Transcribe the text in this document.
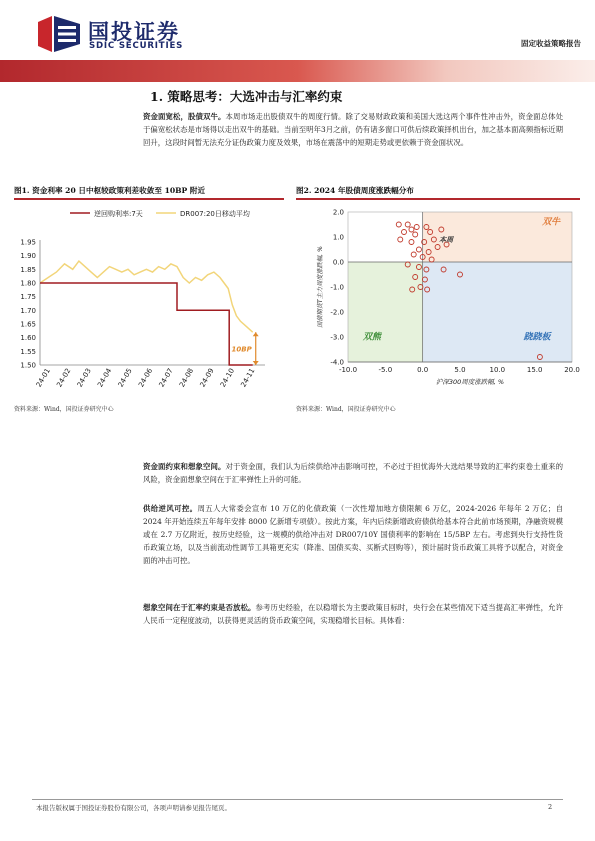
国投证券
SDIC SECURITIES	固定收益策略报告
1. 策略思考：大选冲击与汇率约束
资金面宽松，股债双牛。本周市场走出股债双牛的周度行情。除了交易财政政策和美国大选这两个事件性冲击外，资金面总体处于偏宽松状态是市场得以走出双牛的基础。当前至明年3月之前，仍有诸多窗口可供后续政策择机出台，加之基本面高频指标近期回升，这段时间暂无法充分证伪政策力度及效果，市场在震荡中的短期走势或更依赖于资金面状况。
图1. 资金利率 20 日中枢较政策利差收敛至 10BP 附近	图2. 2024 年股债周度涨跌幅分布
逆回购利率:7天	DR007:20日移动平均
1.95
1.90
1.85
1.80
1.75
1.70
1.65
1.60
1.55
1.50
24-01 24-02 24-03 24-04 24-05 24-06 24-07 24-08 24-09 24-10 24-11
10BP
2.0
1.0
0.0
-1.0
-2.0
-3.0
-4.0
-10.0	-5.0	0.0	5.0	10.0	15.0	20.0
沪深300周度涨跌幅, %
国债期货T主力周度涨跌幅, %
双牛
双熊	跷跷板
本周
资料来源：Wind，国投证券研究中心	资料来源：Wind，国投证券研究中心
资金面约束和想象空间。对于资金面，我们认为后续供给冲击影响可控，不必过于担忧海外大选结果导致的汇率约束卷土重来的风险，资金面想象空间在于汇率弹性上升的可能。
供给逆风可控。周五人大常委会宣布 10 万亿的化债政策（一次性增加地方债限额 6 万亿，2024-2026 年每年 2 万亿；自 2024 年开始连续五年每年安排 8000 亿新增专项债）。按此方案，年内后续新增政府债供给基本符合此前市场预期，净融资规模或在 2.7 万亿附近，按历史经验，这一规模的供给冲击对 DR007/10Y 国债利率的影响在 15/5BP 左右。考虑到央行支持性货币政策立场，以及当前流动性调节工具箱更充实（降准、国债买卖、买断式回购等），预计届时货币政策工具将予以配合，对资金面的冲击可控。
想象空间在于汇率约束是否放松。参考历史经验，在以稳增长为主要政策目标时，央行会在某些情况下适当提高汇率弹性，允许人民币一定程度波动，以获得更灵活的货币政策空间，实现稳增长目标。具体看：
本报告版权属于国投证券股份有限公司，各项声明请参见报告尾页。	2
